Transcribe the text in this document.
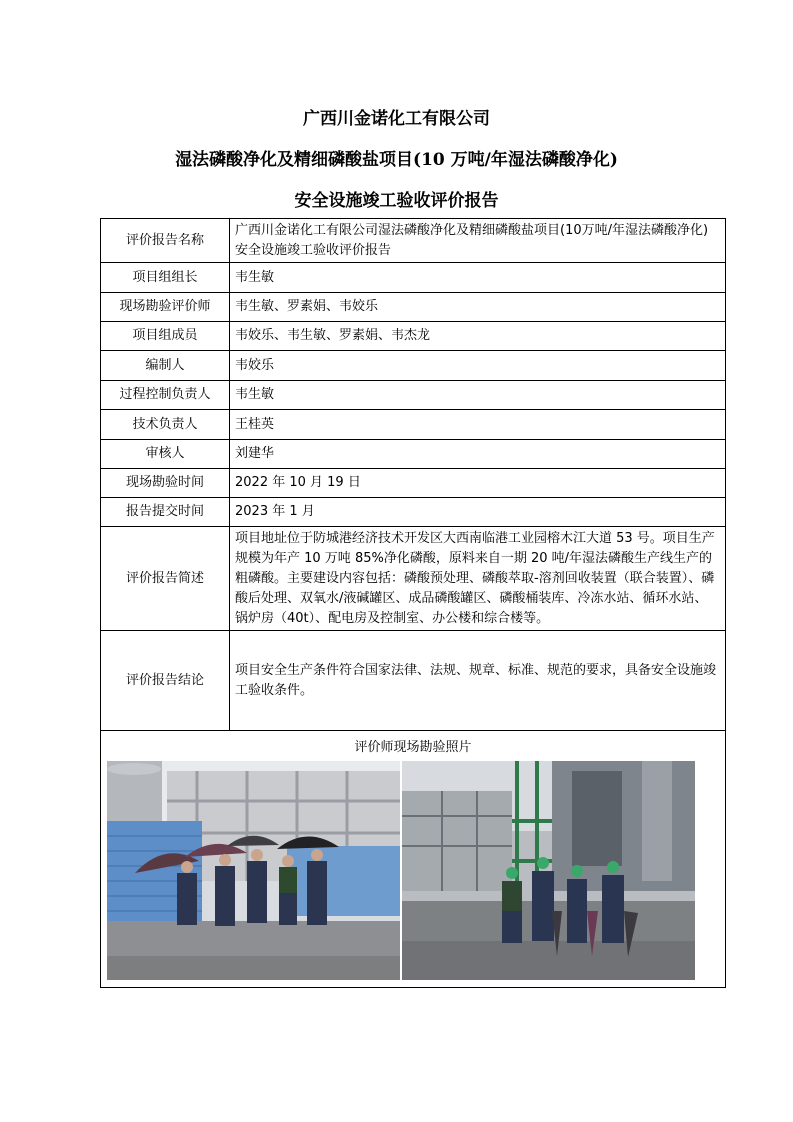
广西川金诺化工有限公司
湿法磷酸净化及精细磷酸盐项目(10 万吨/年湿法磷酸净化)
安全设施竣工验收评价报告
评价报告名称	广西川金诺化工有限公司湿法磷酸净化及精细磷酸盐项目(10万吨/年湿法磷酸净化)安全设施竣工验收评价报告
项目组组长	韦生敏
现场勘验评价师	韦生敏、罗素娟、韦姣乐
项目组成员	韦姣乐、韦生敏、罗素娟、韦杰龙
编制人	韦姣乐
过程控制负责人	韦生敏
技术负责人	王桂英
审核人	刘建华
现场勘验时间	2022 年 10 月 19 日
报告提交时间	2023 年 1 月
评价报告简述	项目地址位于防城港经济技术开发区大西南临港工业园榕木江大道 53 号。项目生产规模为年产 10 万吨 85%净化磷酸，原料来自一期 20 吨/年湿法磷酸生产线生产的粗磷酸。主要建设内容包括：磷酸预处理、磷酸萃取-溶剂回收装置（联合装置）、磷酸后处理、双氧水/液碱罐区、成品磷酸罐区、磷酸桶装库、冷冻水站、循环水站、锅炉房（40t）、配电房及控制室、办公楼和综合楼等。
评价报告结论	项目安全生产条件符合国家法律、法规、规章、标准、规范的要求，具备安全设施竣工验收条件。

评价师现场勘验照片	
